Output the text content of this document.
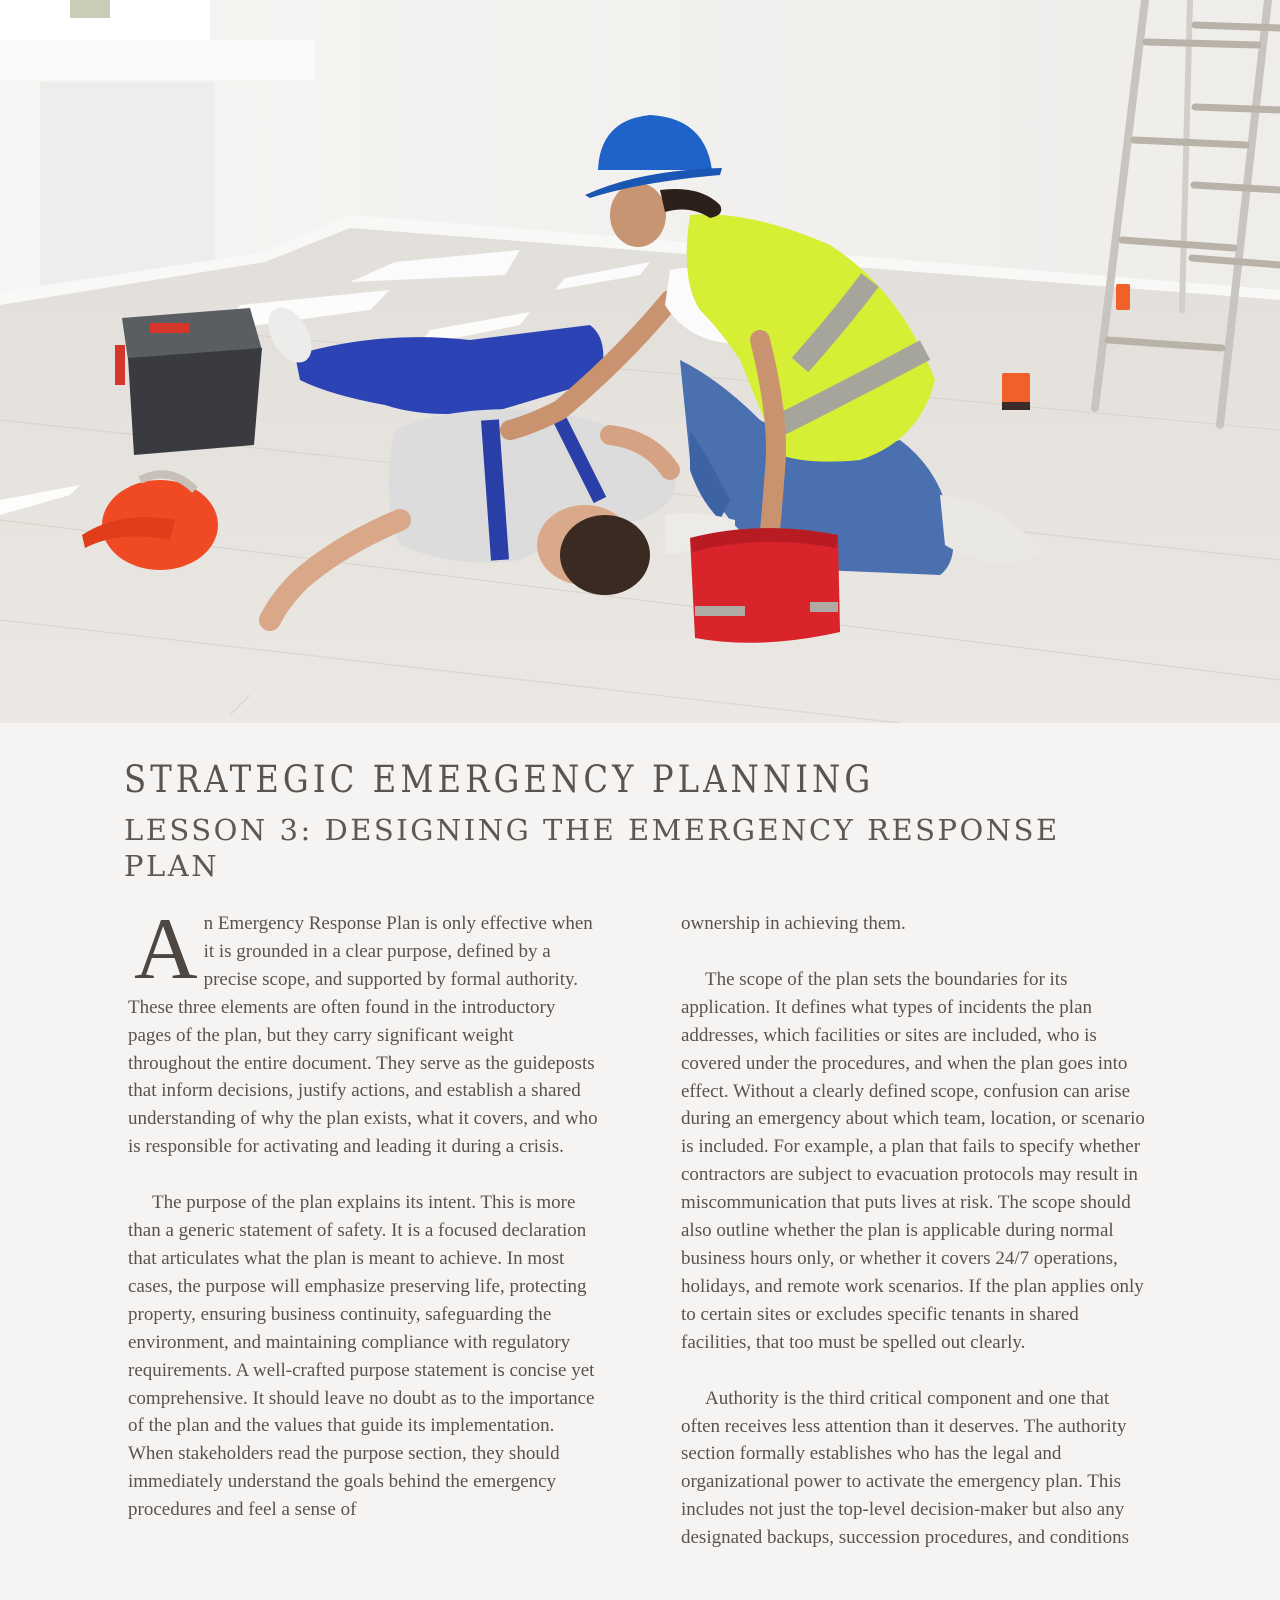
STRATEGIC EMERGENCY PLANNING
LESSON 3: DESIGNING THE EMERGENCY RESPONSE PLAN

An Emergency Response Plan is only effective when it is grounded in a clear purpose, defined by a precise scope, and supported by formal authority. These three elements are often found in the introductory pages of the plan, but they carry significant weight throughout the entire document. They serve as the guideposts that inform decisions, justify actions, and establish a shared understanding of why the plan exists, what it covers, and who is responsible for activating and leading it during a crisis.

The purpose of the plan explains its intent. This is more than a generic statement of safety. It is a focused declaration that articulates what the plan is meant to achieve. In most cases, the purpose will emphasize preserving life, protecting property, ensuring business continuity, safeguarding the environment, and maintaining compliance with regulatory requirements. A well-crafted purpose statement is concise yet comprehensive. It should leave no doubt as to the importance of the plan and the values that guide its implementation. When stakeholders read the purpose section, they should immediately understand the goals behind the emergency procedures and feel a sense of

ownership in achieving them.

The scope of the plan sets the boundaries for its application. It defines what types of incidents the plan addresses, which facilities or sites are included, who is covered under the procedures, and when the plan goes into effect. Without a clearly defined scope, confusion can arise during an emergency about which team, location, or scenario is included. For example, a plan that fails to specify whether contractors are subject to evacuation protocols may result in miscommunication that puts lives at risk. The scope should also outline whether the plan is applicable during normal business hours only, or whether it covers 24/7 operations, holidays, and remote work scenarios. If the plan applies only to certain sites or excludes specific tenants in shared facilities, that too must be spelled out clearly.

Authority is the third critical component and one that often receives less attention than it deserves. The authority section formally establishes who has the legal and organizational power to activate the emergency plan. This includes not just the top-level decision-maker but also any designated backups, succession procedures, and conditions
